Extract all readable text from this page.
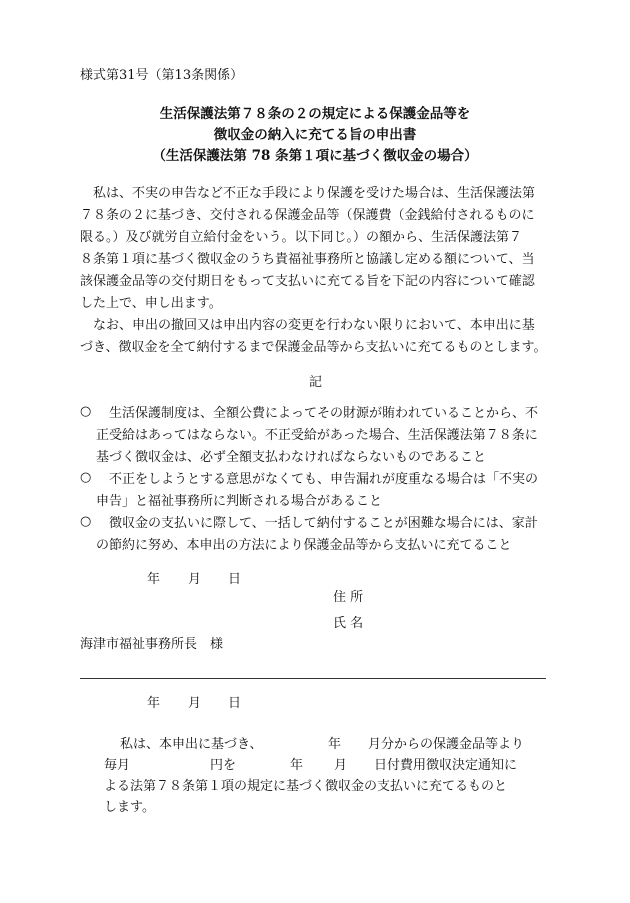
様式第31号（第13条関係）
生活保護法第７８条の２の規定による保護金品等を
徴収金の納入に充てる旨の申出書
（生活保護法第 78 条第１項に基づく徴収金の場合）
　私は、不実の申告など不正な手段により保護を受けた場合は、生活保護法第
７８条の２に基づき、交付される保護金品等（保護費（金銭給付されるものに
限る。）及び就労自立給付金をいう。以下同じ。）の額から、生活保護法第７
８条第１項に基づく徴収金のうち貴福祉事務所と協議し定める額について、当
該保護金品等の交付期日をもって支払いに充てる旨を下記の内容について確認
した上で、申し出ます。
　なお、申出の撤回又は申出内容の変更を行わない限りにおいて、本申出に基
づき、徴収金を全て納付するまで保護金品等から支払いに充てるものとします。
記
○ 　生活保護制度は、全額公費によってその財源が賄われていることから、不
正受給はあってはならない。不正受給があった場合、生活保護法第７８条に
基づく徴収金は、必ず全額支払わなければならないものであること
○ 　不正をしようとする意思がなくても、申告漏れが度重なる場合は「不実の
申告」と福祉事務所に判断される場合があること
○ 　徴収金の支払いに際して、一括して納付することが困難な場合には、家計
の節約に努め、本申出の方法により保護金品等から支払いに充てること
年 月 日
住 所
氏 名
海津市福祉事務所長　様
年 月 日
私は、本申出に基づき、	年 月分からの保護金品等より
毎月	円を	年 月 日付費用徴収決定通知に
よる法第７８条第１項の規定に基づく徴収金の支払いに充てるものと
します。
